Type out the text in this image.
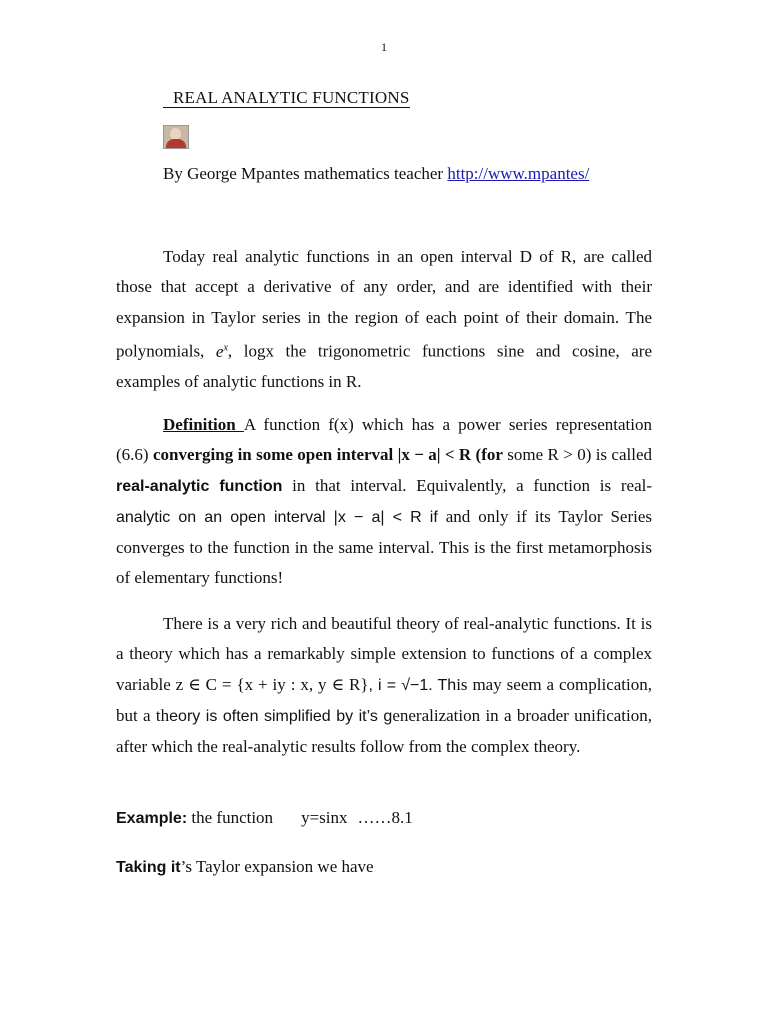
1
REAL ANALYTIC FUNCTIONS
By George Mpantes mathematics teacher http://www.mpantes/
Today real analytic functions in an open interval D of R, are called those that accept a derivative of any order, and are identified with their expansion in Taylor series in the region of each point of their domain. The polynomials, $e^x$, logx the trigonometric functions sine and cosine, are examples of analytic functions in R.
Definition A function f(x) which has a power series representation (6.6) converging in some open interval |x − a| < R (for some R > 0) is called real-analytic function in that interval. Equivalently, a function is real-analytic on an open interval |x − a| < R if and only if its Taylor Series converges to the function in the same interval. This is the first metamorphosis of elementary functions!
There is a very rich and beautiful theory of real-analytic functions. It is a theory which has a remarkably simple extension to functions of a complex variable z ∈ C = {x + iy : x, y ∈ R}, i = √−1. This may seem a complication, but a theory is often simplified by it’s generalization in a broader unification, after which the real-analytic results follow from the complex theory.
Example: the function y=sinx ……8.1
Taking it’s Taylor expansion we have
